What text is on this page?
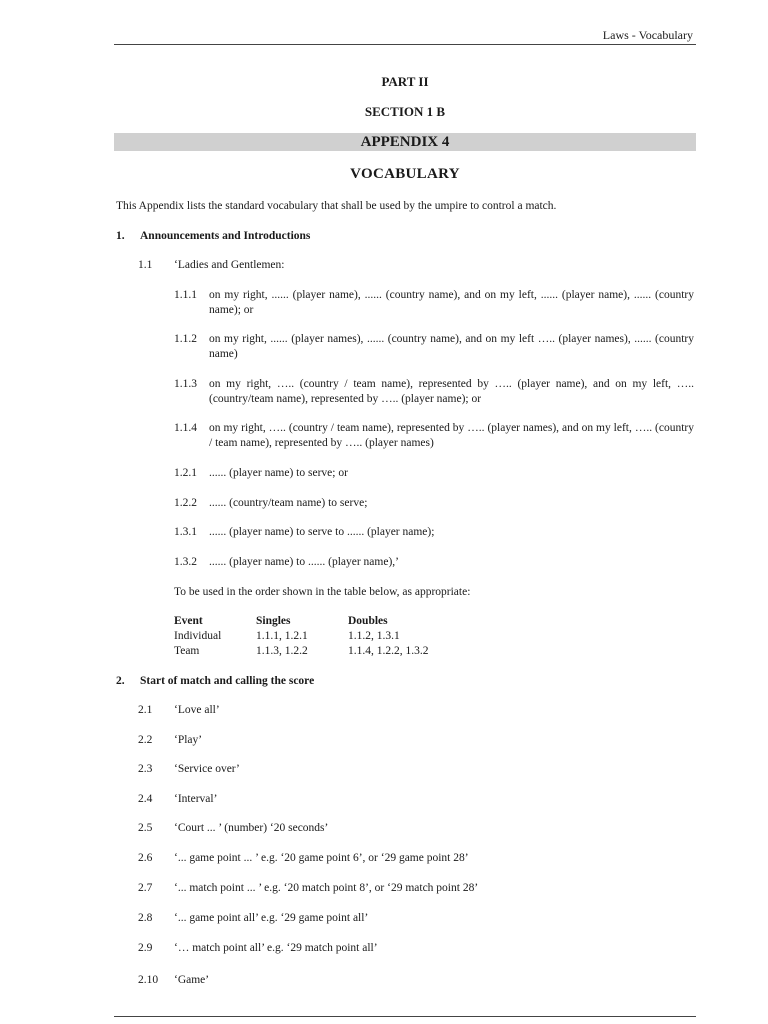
Laws - Vocabulary
PART II
SECTION 1 B
APPENDIX 4
VOCABULARY
This Appendix lists the standard vocabulary that shall be used by the umpire to control a match.
1. Announcements and Introductions
1.1 ‘Ladies and Gentlemen:
1.1.1	on my right, ...... (player name), ...... (country name), and on my left, ...... (player name), ...... (country name); or
1.1.2	on my right, ...... (player names), ...... (country name), and on my left ….. (player names), ...... (country name)
1.1.3	on my right, ….. (country / team name), represented by ….. (player name), and on my left, ….. (country/team name), represented by ….. (player name); or
1.1.4	on my right, ….. (country / team name), represented by ….. (player names), and on my left, ….. (country / team name), represented by ….. (player names)
1.2.1	...... (player name) to serve; or
1.2.2	...... (country/team name) to serve;
1.3.1	...... (player name) to serve to ...... (player name);
1.3.2	...... (player name) to ...... (player name),’
To be used in the order shown in the table below, as appropriate:
Event	Singles	Doubles
Individual	1.1.1, 1.2.1	1.1.2, 1.3.1
Team	1.1.3, 1.2.2	1.1.4, 1.2.2, 1.3.2
2. Start of match and calling the score
2.1 ‘Love all’
2.2 ‘Play’
2.3 ‘Service over’
2.4 ‘Interval’
2.5 ‘Court ... ’ (number) ‘20 seconds’
2.6 ‘... game point ... ’ e.g. ‘20 game point 6’, or ‘29 game point 28’
2.7 ‘... match point ... ’ e.g. ‘20 match point 8’, or ‘29 match point 28’
2.8 ‘... game point all’ e.g. ‘29 game point all’
2.9 ‘… match point all’ e.g. ‘29 match point all’
2.10 ‘Game’
